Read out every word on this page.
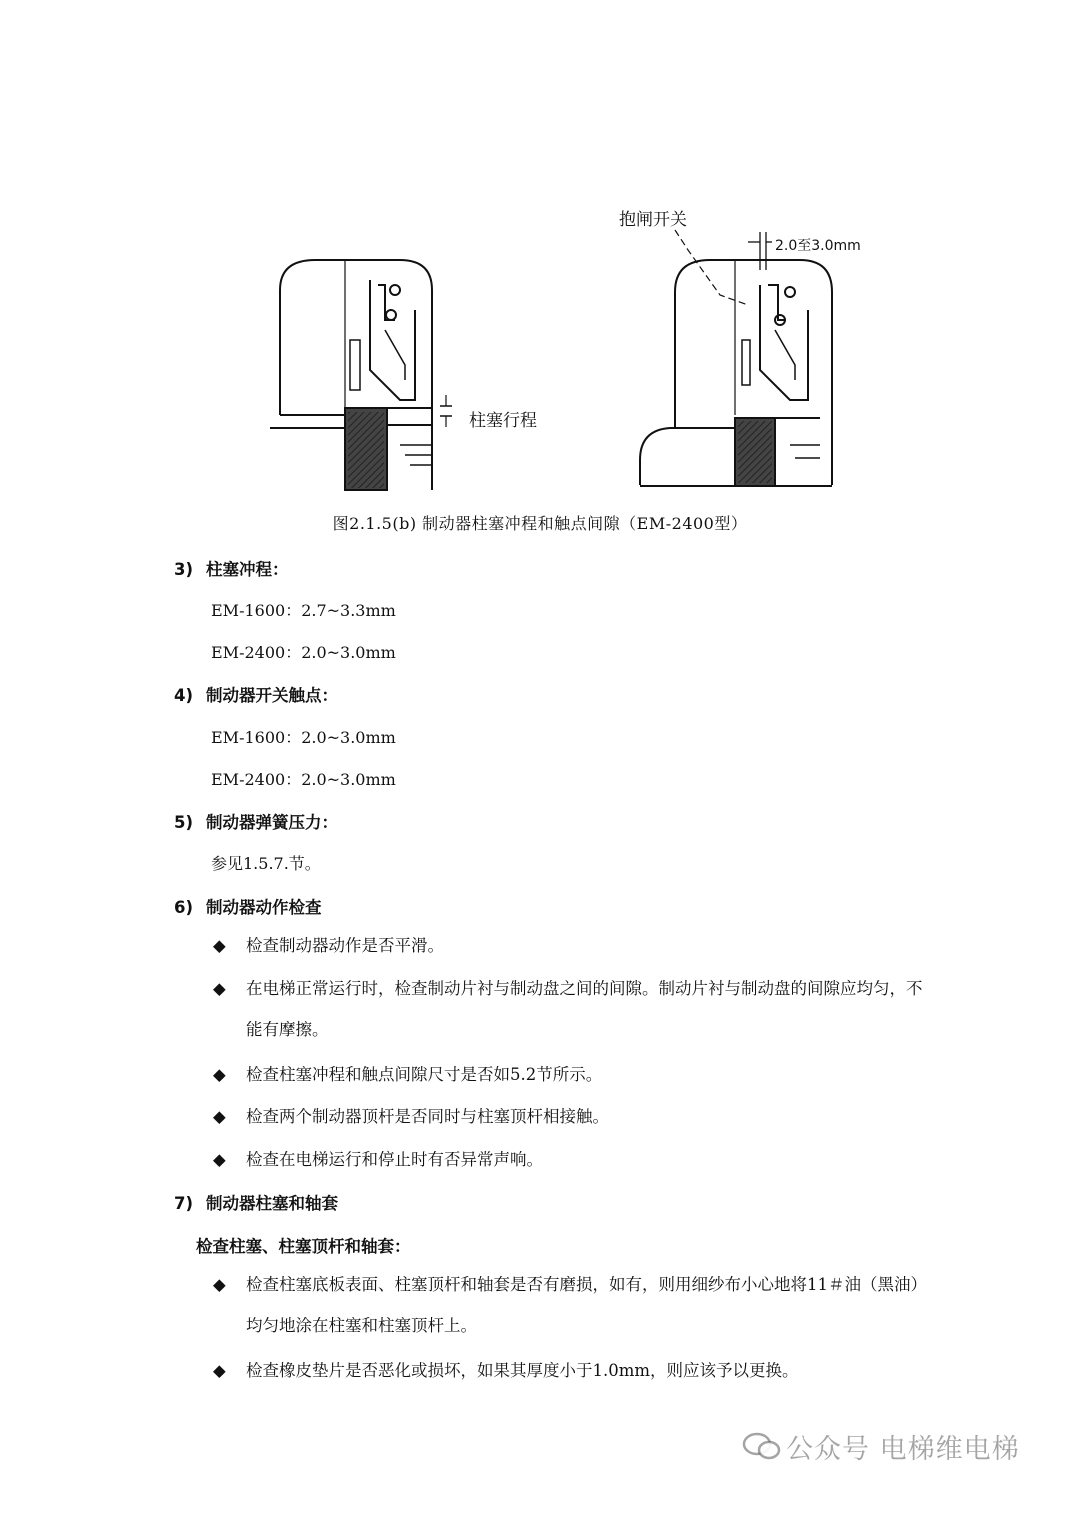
抱闸开关
2.0至3.0mm
柱塞行程
图2.1.5(b) 制动器柱塞冲程和触点间隙（EM-2400型）
3) 柱塞冲程：
EM-1600：2.7~3.3mm
EM-2400：2.0~3.0mm
4) 制动器开关触点：
EM-1600：2.0~3.0mm
EM-2400：2.0~3.0mm
5) 制动器弹簧压力：
参见1.5.7.节。
6) 制动器动作检查
◆	检查制动器动作是否平滑。
◆	在电梯正常运行时，检查制动片衬与制动盘之间的间隙。制动片衬与制动盘的间隙应均匀，不能有摩擦。
◆	检查柱塞冲程和触点间隙尺寸是否如5.2节所示。
◆	检查两个制动器顶杆是否同时与柱塞顶杆相接触。
◆	检查在电梯运行和停止时有否异常声响。
7) 制动器柱塞和轴套
检查柱塞、柱塞顶杆和轴套：
◆	检查柱塞底板表面、柱塞顶杆和轴套是否有磨损，如有，则用细纱布小心地将11＃油（黑油）均匀地涂在柱塞和柱塞顶杆上。
◆	检查橡皮垫片是否恶化或损坏，如果其厚度小于1.0mm，则应该予以更换。
公众号 电梯维电梯
